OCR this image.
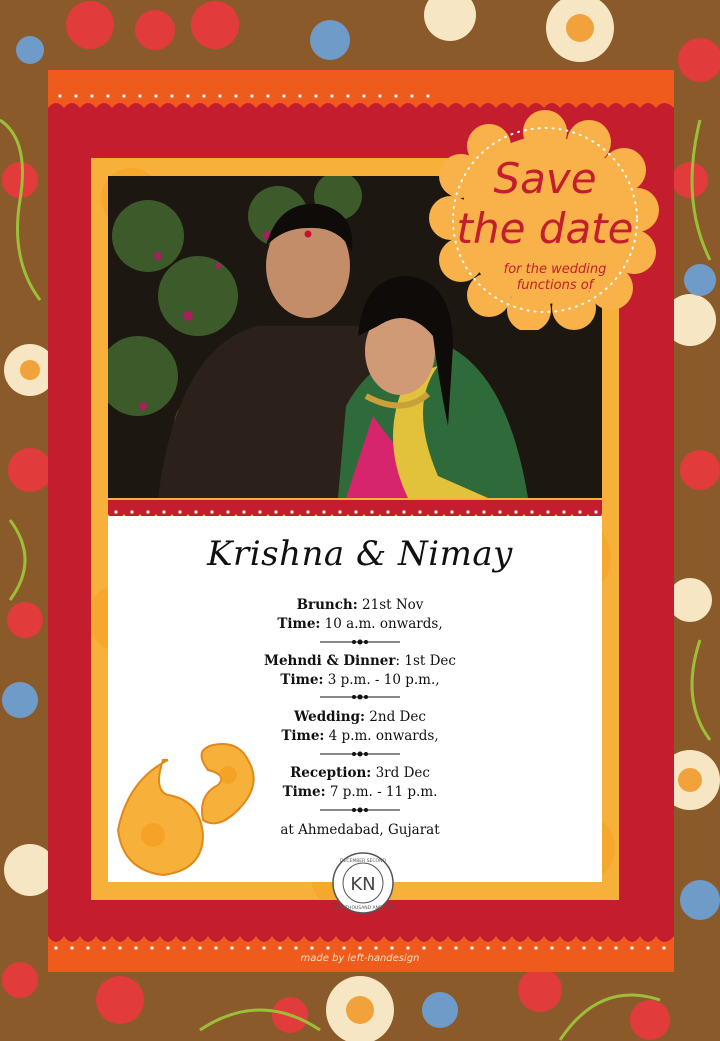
Krishna & Nimay
Brunch: 21st Nov
Time: 10 a.m. onwards,
Mehndi & Dinner: 1st Dec
Time: 3 p.m. - 10 p.m.,
Wedding: 2nd Dec
Time: 4 p.m. onwards,
Reception: 3rd Dec
Time: 7 p.m. - 11 p.m.
at Ahmedabad, Gujarat
KN
DECEMBER SECOND
TWO THOUSAND AND TEN
made by left-handesign
Save
the date
for the wedding
functions of
